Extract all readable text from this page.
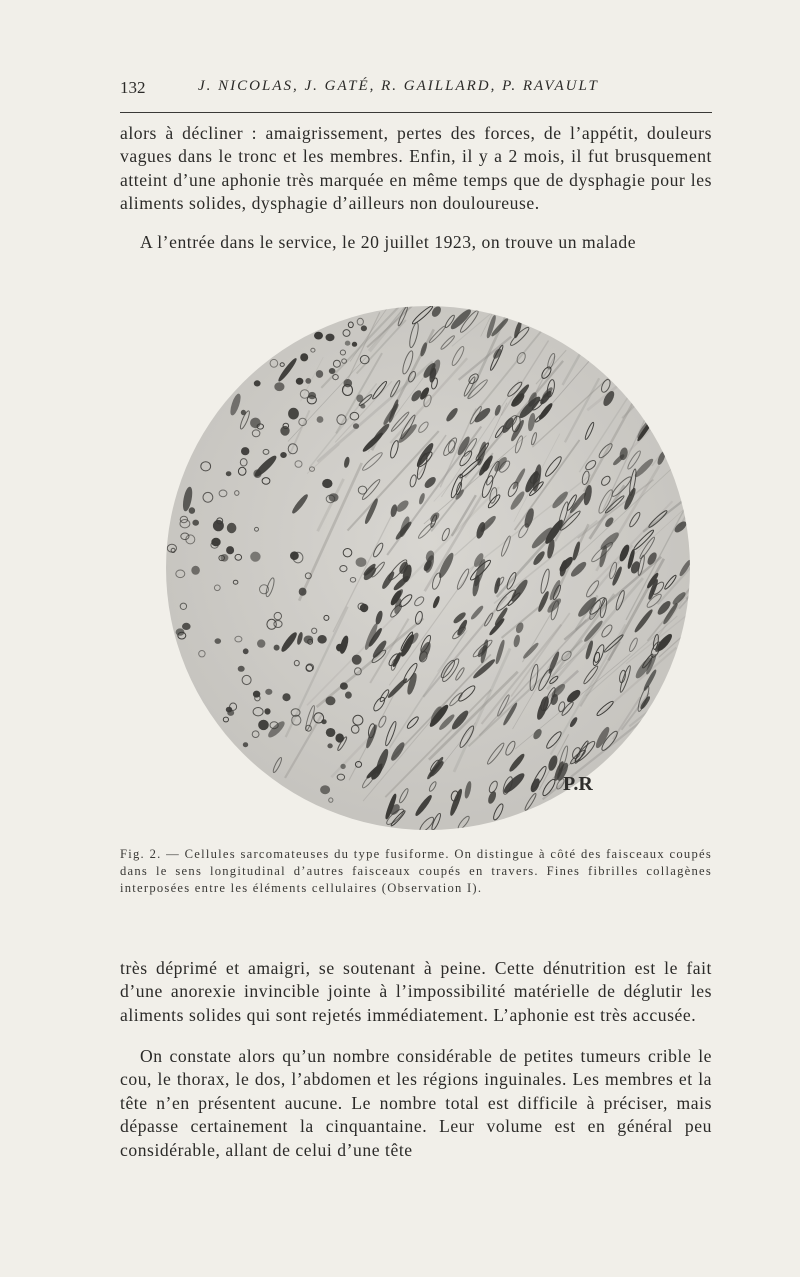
132	J. NICOLAS, J. GATÉ, R. GAILLARD, P. RAVAULT

alors à décliner : amaigrissement, pertes des forces, de l’appétit, douleurs vagues dans le tronc et les membres. Enfin, il y a 2 mois, il fut brusquement atteint d’une aphonie très marquée en même temps que de dysphagie pour les aliments solides, dysphagie d’ailleurs non douloureuse.

A l’entrée dans le service, le 20 juillet 1923, on trouve un malade

P.R

Fig. 2. — Cellules sarcomateuses du type fusiforme. On distingue à côté des faisceaux coupés dans le sens longitudinal d’autres faisceaux coupés en travers. Fines fibrilles collagènes interposées entre les éléments cellulaires (Observation I).

très déprimé et amaigri, se soutenant à peine. Cette dénutrition est le fait d’une anorexie invincible jointe à l’impossibilité matérielle de déglutir les aliments solides qui sont rejetés immédiatement. L’aphonie est très accusée.

On constate alors qu’un nombre considérable de petites tumeurs crible le cou, le thorax, le dos, l’abdomen et les régions inguinales. Les membres et la tête n’en présentent aucune. Le nombre total est difficile à préciser, mais dépasse certainement la cinquantaine. Leur volume est en général peu considérable, allant de celui d’une tête
